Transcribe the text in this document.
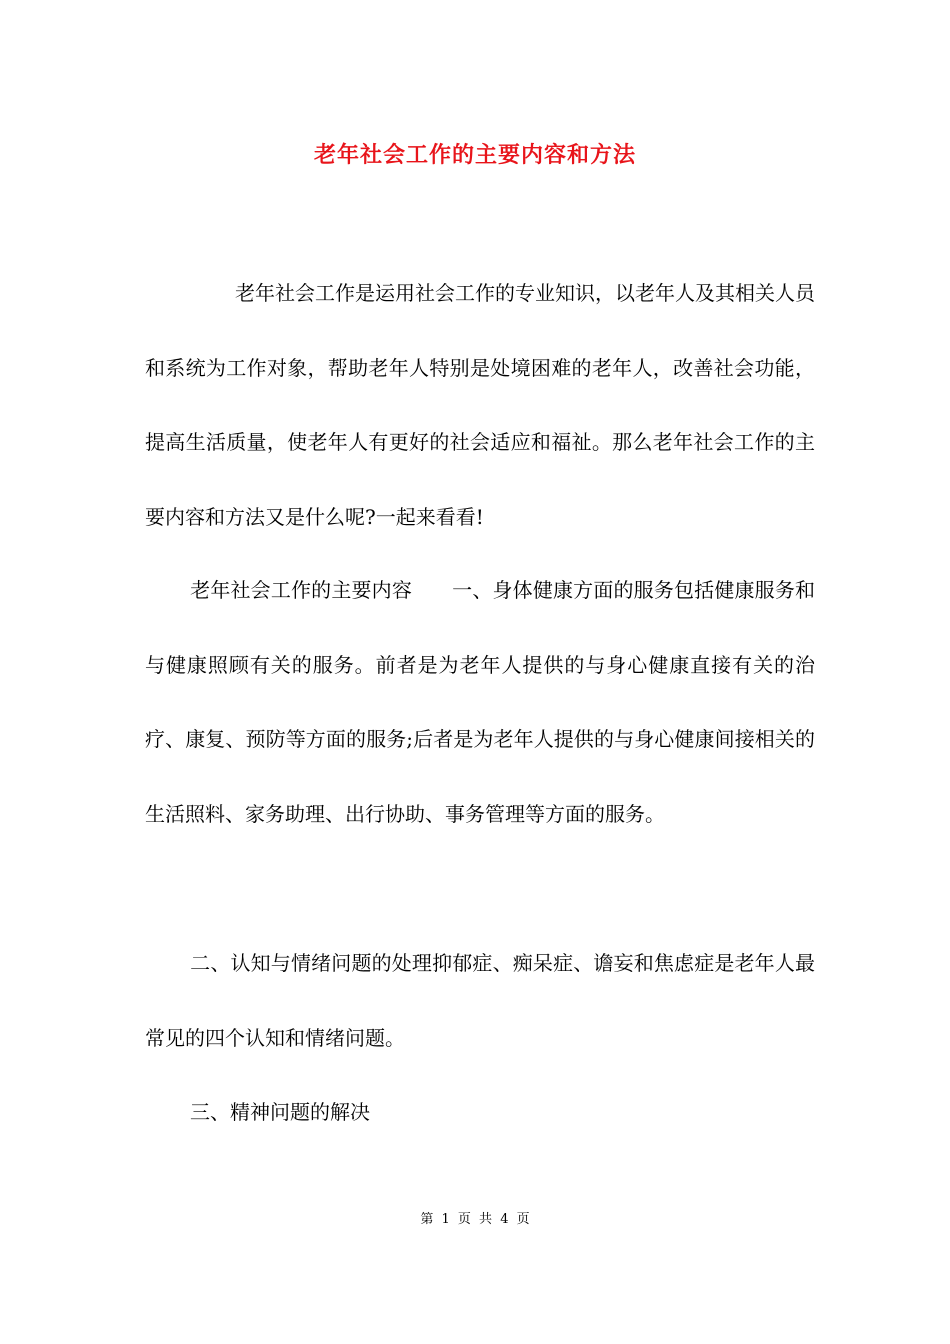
老年社会工作的主要内容和方法
老年社会工作是运用社会工作的专业知识，以老年人及其相关人员和系统为工作对象，帮助老年人特别是处境困难的老年人，改善社会功能，提高生活质量，使老年人有更好的社会适应和福祉。那么老年社会工作的主要内容和方法又是什么呢?一起来看看!
老年社会工作的主要内容 一、身体健康方面的服务包括健康服务和与健康照顾有关的服务。前者是为老年人提供的与身心健康直接有关的治疗、康复、预防等方面的服务;后者是为老年人提供的与身心健康间接相关的生活照料、家务助理、出行协助、事务管理等方面的服务。
二、认知与情绪问题的处理抑郁症、痴呆症、谵妄和焦虑症是老年人最常见的四个认知和情绪问题。
三、精神问题的解决
第 1 页 共 4 页
